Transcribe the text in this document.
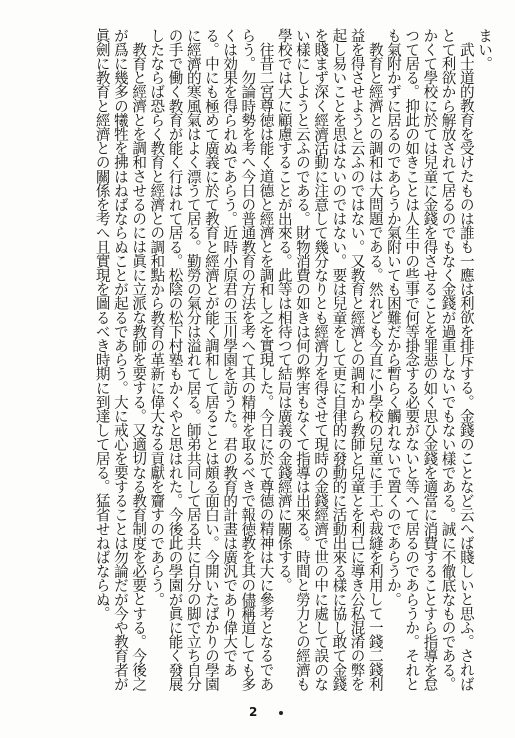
まい。

武士道的教育を受けたものは誰も一應は利欲を排斥する。金錢のことなど云へば賤しいと思ふ。されば とて利欲から解放されて居るのでもなく金錢が過重しないでもない樣である。誠に不徹底なものである。かくて學校に於ては兒童に金錢を得させることを罪惡の如く思ひ金錢を適當に消費することすら指導を怠つて居る。抑此の如きことは人生中の些事で何等掛念する必要がないと等へて居るのであらうか。それとも氣附かずに居るのであらうか氣附いても困難だから暫らく觸れないで置くのであらうか。

教育と經濟との調和は大問題である。然れども今直に小學校の兒童に手工や裁縫を利用して一錢二錢利益を得させようと云ふのではない。又教育と經濟との調和から教師と兒童とを利己に導き公私混淆の弊を起し易いことを思はないのではない。要は兒童をして更に自律的に發動的に活動出來る樣に協し敢て金錢を賤まず深く經濟活動に注意して幾分なりとも經濟力を得させて現時の金錢經濟で世の中に處して誤のない樣にしようと云ふのである。財物消費の如きは何の弊害もなくて指導は出來る。時間と勞力との經濟も學校では大に顧慮することが出來る。此等は相待つて結局は廣義の金錢經濟に關係する。

往昔二宮尊徳は能く道德と經濟とを調和し之を實現した。今日に於て尊德の精神は大に參考となるであらう。勿論時勢を考へ今日の普通教育の方法を考へて其の精神を取るべきで報徳教を其の儘稱道しても多くは効果を得られぬであらう。近時小原君の玉川學園を訪うた。君の教育的計畫は廣汎であり偉大である。中にも極めて廣義に於て教育と經濟とが能く調和して居ることは頗る面白い。今開いたばかりの學園に經濟的寒風氣はよく漂うて居る。勤勞の氣分は溢れて居る。師弟共同して居る共に自分の脚で立ち自分の手で働く教育が能く行はれて居る。松陰の松下村塾もかくやと思はれた。今後此の學園が眞に能く發展したならば恐らく教育と經濟との調和點から教育の革新に偉大なる貢獻を齎すのであらう。

教育と經濟とを調和させるのには眞に立派な教師を要する。又適切なる教育制度を必要とする。今後之が爲に幾多の犧牲を拂はねばならぬことが起るであらう。大に戒心を要することは勿論だが今や教育者が眞劍に教育と經濟との關係を考へ且實現を圖るべき時期に到達して居る。猛省せねばならぬ。

2
